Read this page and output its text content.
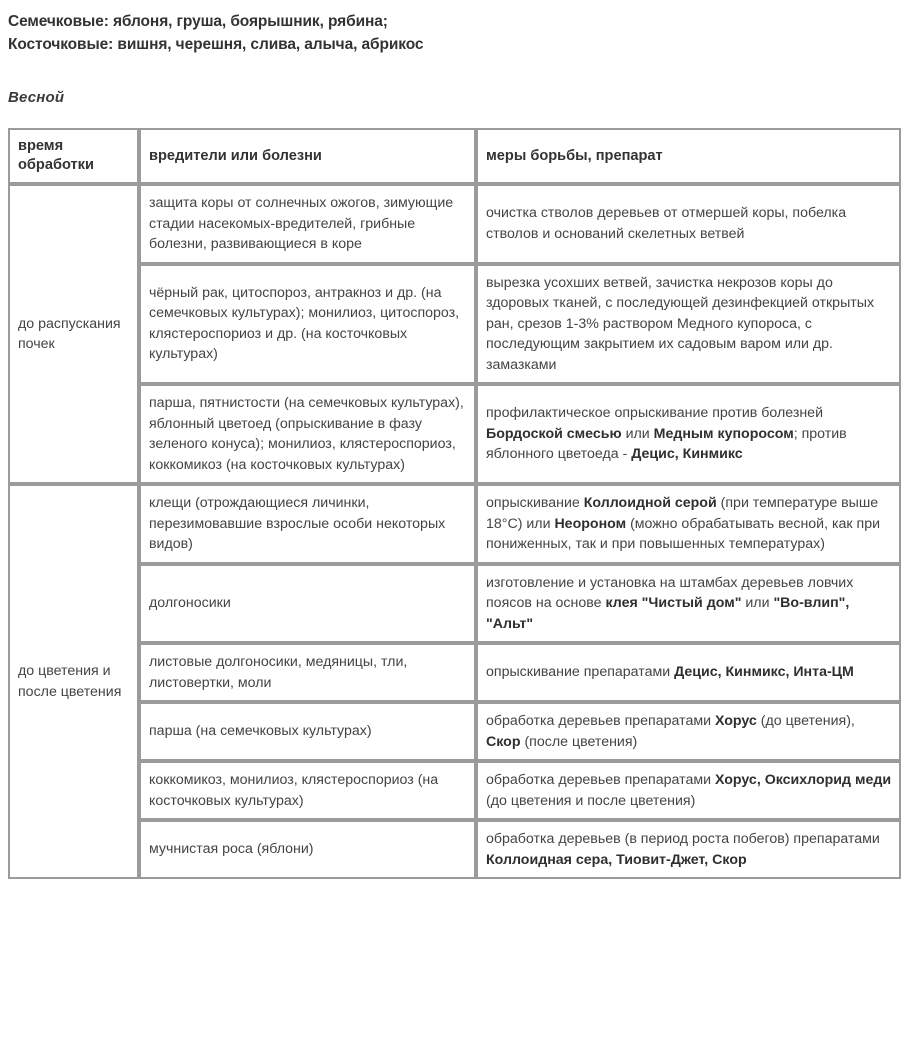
Семечковые: яблоня, груша, боярышник, рябина;
Косточковые: вишня, черешня, слива, алыча, абрикос
Весной
время обработки	вредители или болезни	меры борьбы, препарат
до распускания почек	защита коры от солнечных ожогов, зимующие стадии насекомых-вредителей, грибные болезни, развивающиеся в коре	очистка стволов деревьев от отмершей коры, побелка стволов и оснований скелетных ветвей
	чёрный рак, цитоспороз, антракноз и др. (на семечковых культурах); монилиоз, цитоспороз, клястероспориоз и др. (на косточковых культурах)	вырезка усохших ветвей, зачистка некрозов коры до здоровых тканей, с последующей дезинфекцией открытых ран, срезов 1-3% раствором Медного купороса, с последующим закрытием их садовым варом или др. замазками
	парша, пятнистости (на семечковых культурах), яблонный цветоед (опрыскивание в фазу зеленого конуса); монилиоз, клястероспориоз, коккомикоз (на косточковых культурах)	профилактическое опрыскивание против болезней Бордоской смесью или Медным купоросом; против яблонного цветоеда - Децис, Кинмикс
до цветения и после цветения	клещи (отрождающиеся личинки, перезимовавшие взрослые особи некоторых видов)	опрыскивание Коллоидной серой (при температуре выше 18°С) или Неороном (можно обрабатывать весной, как при пониженных, так и при повышенных температурах)
	долгоносики	изготовление и установка на штамбах деревьев ловчих поясов на основе клея "Чистый дом" или "Во-влип", "Альт"
	листовые долгоносики, медяницы, тли, листовертки, моли	опрыскивание препаратами Децис, Кинмикс, Инта-ЦМ
	парша (на семечковых культурах)	обработка деревьев препаратами Хорус (до цветения), Скор (после цветения)
	коккомикоз, монилиоз, клястероспориоз (на косточковых культурах)	обработка деревьев препаратами Хорус, Оксихлорид меди (до цветения и после цветения)
	мучнистая роса (яблони)	обработка деревьев (в период роста побегов) препаратами Коллоидная сера, Тиовит-Джет, Скор
